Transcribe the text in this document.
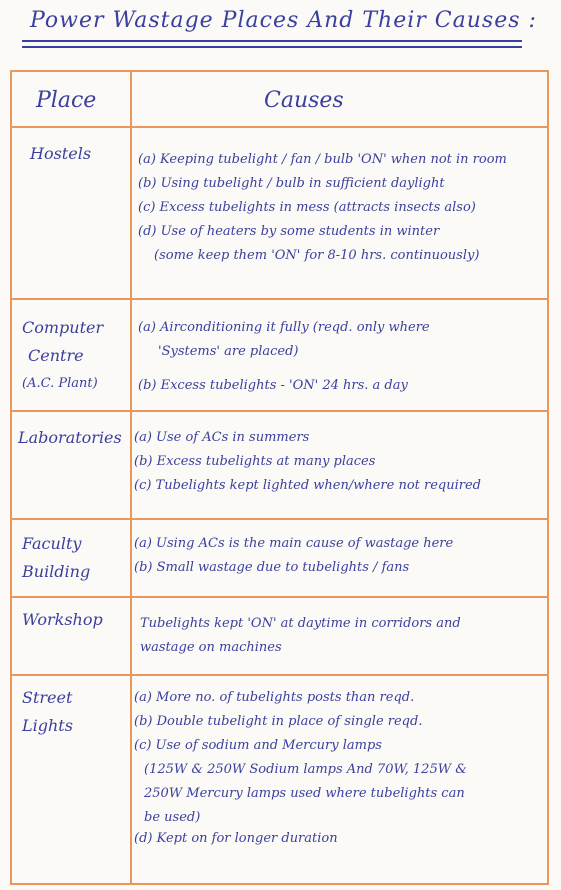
Power Wastage Places And Their Causes :
Place	Causes
Hostels	(a) Keeping tubelight / fan / bulb 'ON' when not in room
(b) Using tubelight / bulb in sufficient daylight
(c) Excess tubelights in mess (attracts insects also)
(d) Use of heaters by some students in winter
(some keep them 'ON' for 8-10 hrs. continuously)
Computer
Centre
(A.C. Plant)
(a) Airconditioning it fully (reqd. only where
'Systems' are placed)
(b) Excess tubelights - 'ON' 24 hrs. a day
Laboratories (a) Use of ACs in summers
(b) Excess tubelights at many places
(c) Tubelights kept lighted when/where not required
Faculty
Building
(a) Using ACs is the main cause of wastage here
(b) Small wastage due to tubelights / fans
Workshop	Tubelights kept 'ON' at daytime in corridors and
wastage on machines
Street
Lights
(a) More no. of tubelights posts than reqd.
(b) Double tubelight in place of single reqd.
(c) Use of sodium and Mercury lamps
(125W & 250W Sodium lamps And 70W, 125W &
250W Mercury lamps used where tubelights can
be used)
(d) Kept on for longer duration
